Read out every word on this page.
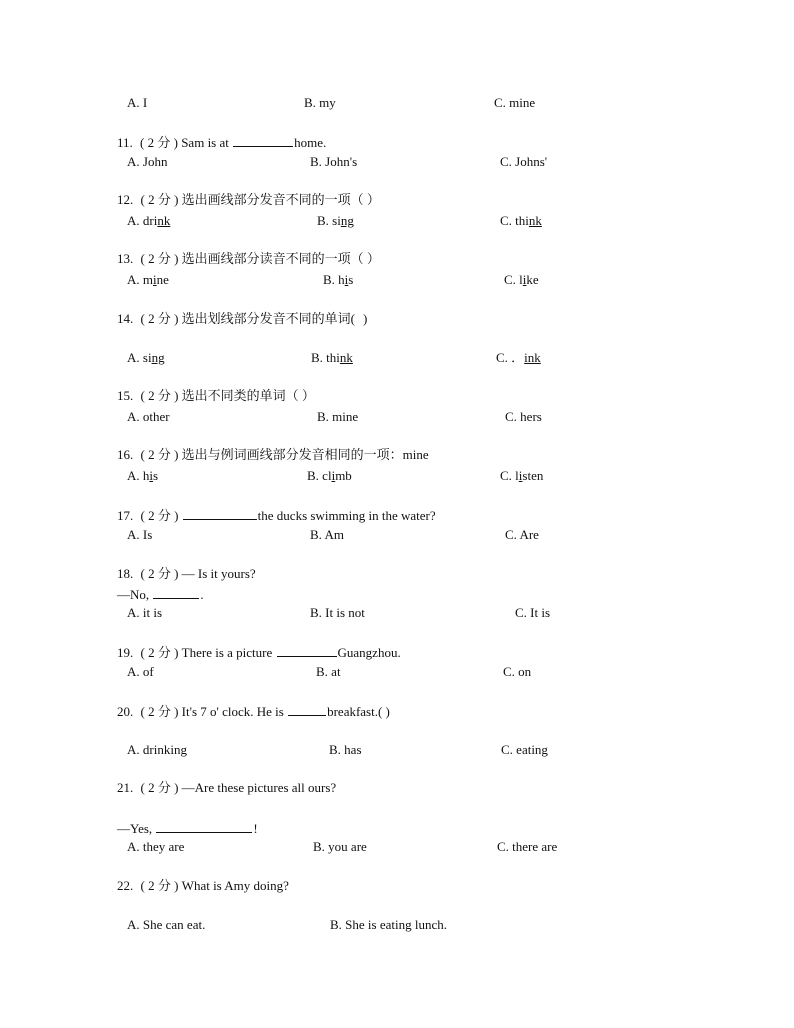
A. I	B. my	C. mine
11. ( 2 分 ) Sam is at	home.
A. John	B. John's	C. Johns'
12. ( 2 分 ) 选出画线部分发音不同的一项（ ）
A. drink	B. sing	C. think
13. ( 2 分 ) 选出画线部分读音不同的一项（ ）
A. mine	B. his	C. like
14. ( 2 分 ) 选出划线部分发音不同的单词( )
A. sing	B. think	C. ．ink
15. ( 2 分 ) 选出不同类的单词（ ）
A. other	B. mine	C. hers
16. ( 2 分 ) 选出与例词画线部分发音相同的一项：mine
A. his	B. climb	C. listen
17. ( 2 分 )	the ducks swimming in the water?
A. Is	B. Am	C. Are
18. ( 2 分 ) — Is it yours?
—No,	.
A. it is	B. It is not	C. It is
19. ( 2 分 ) There is a picture	Guangzhou.
A. of	B. at	C. on
20. ( 2 分 ) It's 7 o' clock. He is	breakfast.( )
A. drinking	B. has	C. eating
21. ( 2 分 ) —Are these pictures all ours?
—Yes,	!
A. they are	B. you are	C. there are
22. ( 2 分 ) What is Amy doing?
A. She can eat.	B. She is eating lunch.
